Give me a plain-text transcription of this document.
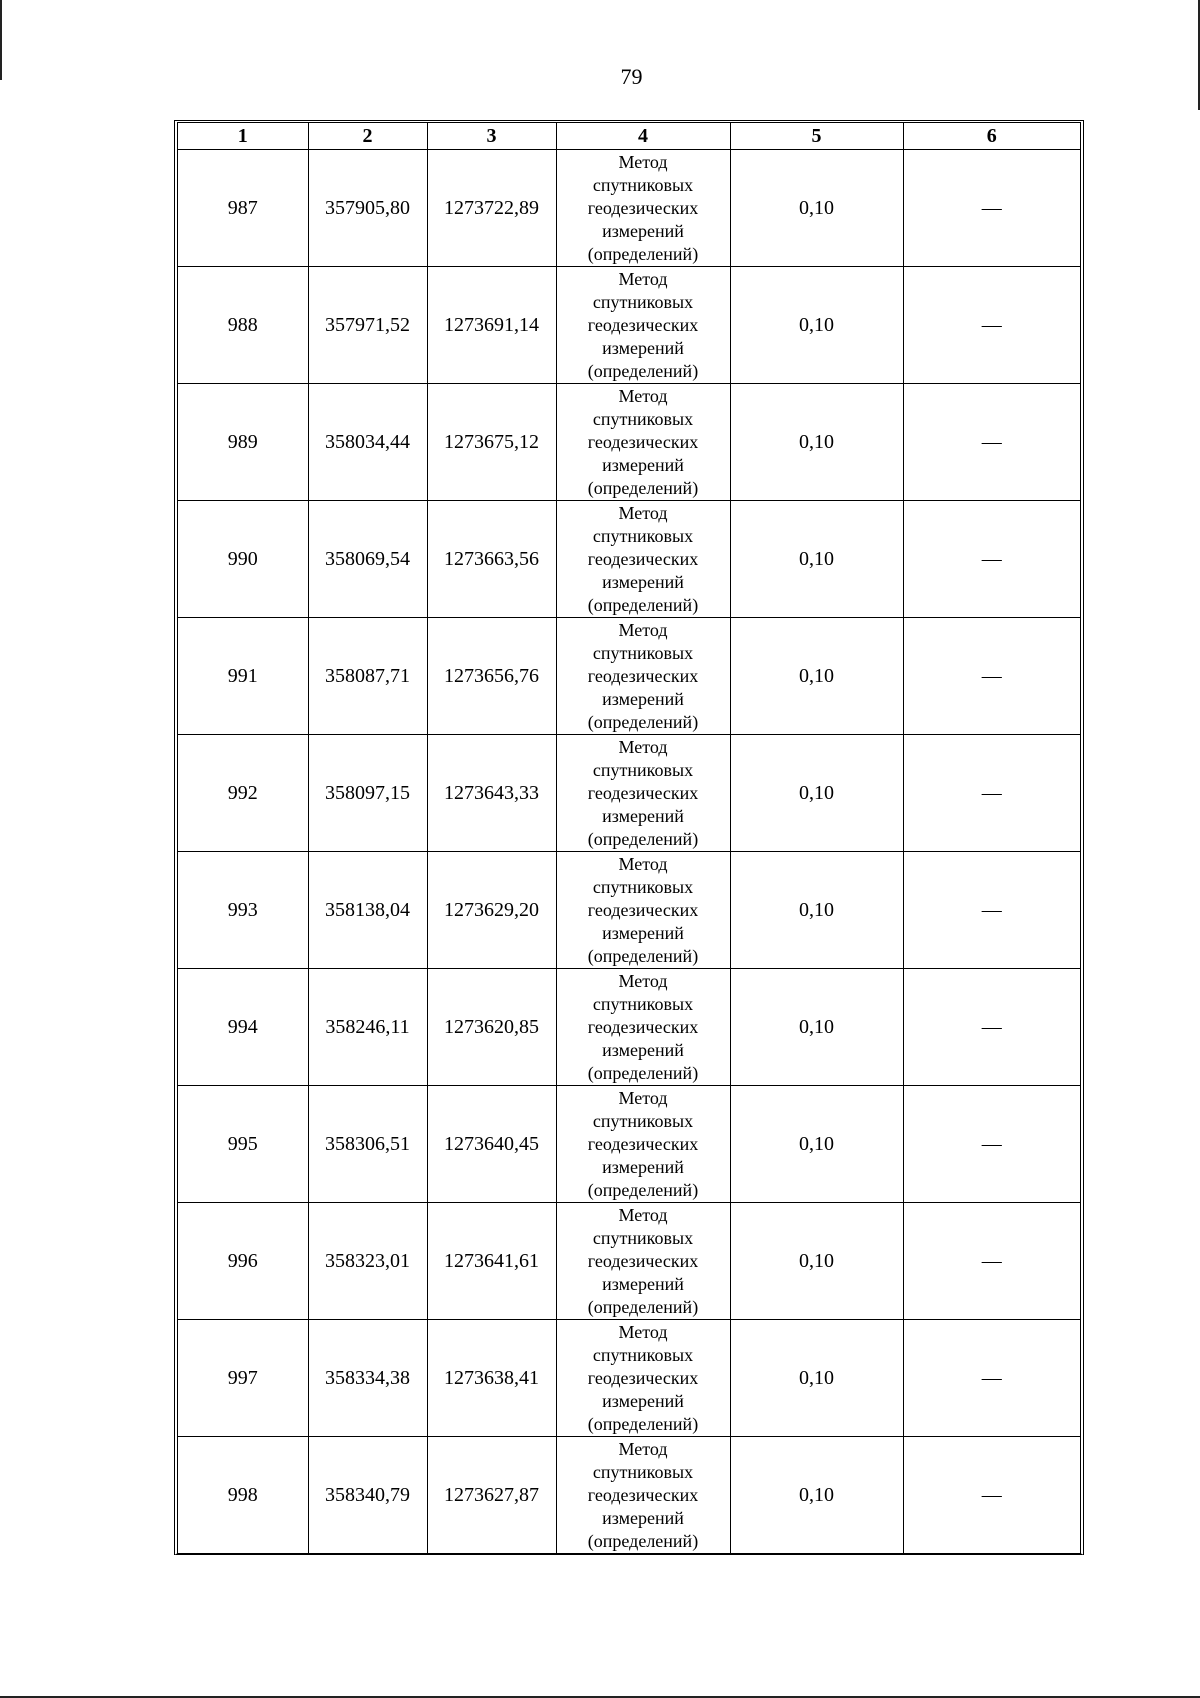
79
1	2	3	4	5	6
987	357905,80	1273722,89	Метод
спутниковых
геодезических
измерений
(определений)	0,10	—
988	357971,52	1273691,14	Метод
спутниковых
геодезических
измерений
(определений)	0,10	—
989	358034,44	1273675,12	Метод
спутниковых
геодезических
измерений
(определений)	0,10	—
990	358069,54	1273663,56	Метод
спутниковых
геодезических
измерений
(определений)	0,10	—
991	358087,71	1273656,76	Метод
спутниковых
геодезических
измерений
(определений)	0,10	—
992	358097,15	1273643,33	Метод
спутниковых
геодезических
измерений
(определений)	0,10	—
993	358138,04	1273629,20	Метод
спутниковых
геодезических
измерений
(определений)	0,10	—
994	358246,11	1273620,85	Метод
спутниковых
геодезических
измерений
(определений)	0,10	—
995	358306,51	1273640,45	Метод
спутниковых
геодезических
измерений
(определений)	0,10	—
996	358323,01	1273641,61	Метод
спутниковых
геодезических
измерений
(определений)	0,10	—
997	358334,38	1273638,41	Метод
спутниковых
геодезических
измерений
(определений)	0,10	—
998	358340,79	1273627,87	Метод
спутниковых
геодезических
измерений
(определений)	0,10	—
